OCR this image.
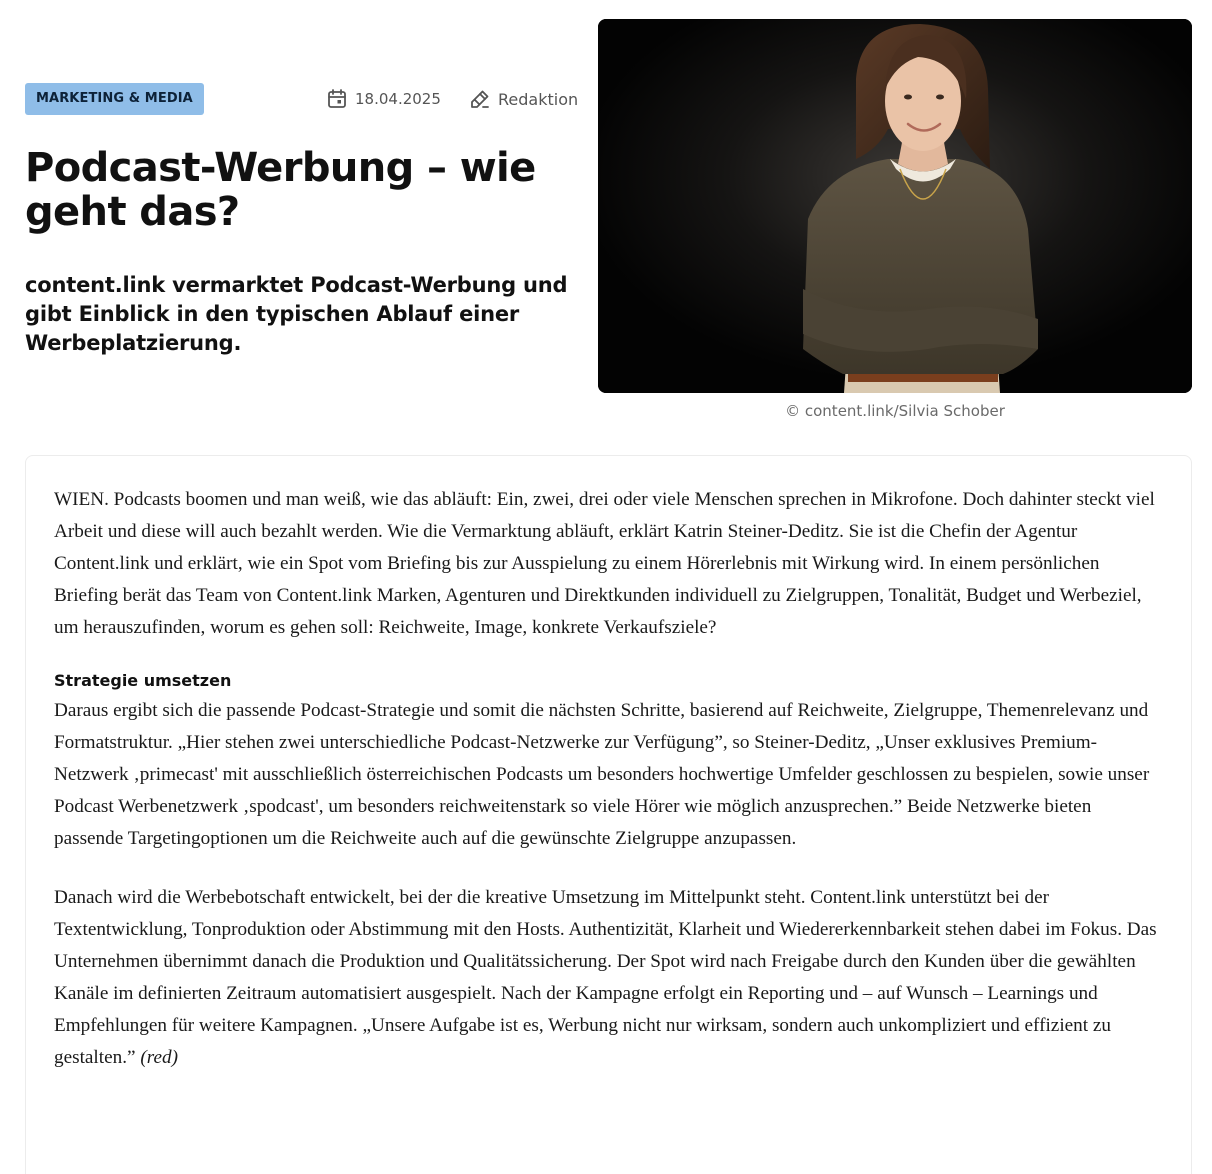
MARKETING & MEDIA	18.04.2025	Redaktion
Podcast-Werbung – wie geht das?

content.link vermarktet Podcast-Werbung und gibt Einblick in den typischen Ablauf einer Werbeplatzierung.

© content.link/Silvia Schober

WIEN. Podcasts boomen und man weiß, wie das abläuft: Ein, zwei, drei oder viele Menschen sprechen in Mikrofone. Doch dahinter steckt viel Arbeit und diese will auch bezahlt werden. Wie die Vermarktung abläuft, erklärt Katrin Steiner-Deditz. Sie ist die Chefin der Agentur Content.link und erklärt, wie ein Spot vom Briefing bis zur Ausspielung zu einem Hörerlebnis mit Wirkung wird. In einem persönlichen Briefing berät das Team von Content.link Marken, Agenturen und Direktkunden individuell zu Zielgruppen, Tonalität, Budget und Werbeziel, um herauszufinden, worum es gehen soll: Reichweite, Image, konkrete Verkaufsziele?

Strategie umsetzen

Daraus ergibt sich die passende Podcast-Strategie und somit die nächsten Schritte, basierend auf Reichweite, Zielgruppe, Themenrelevanz und Formatstruktur. „Hier stehen zwei unterschiedliche Podcast-Netzwerke zur Verfügung”, so Steiner-Deditz, „Unser exklusives Premium-Netzwerk ‚primecast' mit ausschließlich österreichischen Podcasts um besonders hochwertige Umfelder geschlossen zu bespielen, sowie unser Podcast Werbenetzwerk ‚spodcast', um besonders reichweitenstark so viele Hörer wie möglich anzusprechen.” Beide Netzwerke bieten passende Targetingoptionen um die Reichweite auch auf die gewünschte Zielgruppe anzupassen.

Danach wird die Werbebotschaft entwickelt, bei der die kreative Umsetzung im Mittelpunkt steht. Content.link unterstützt bei der Textentwicklung, Tonproduktion oder Abstimmung mit den Hosts. Authentizität, Klarheit und Wiedererkennbarkeit stehen dabei im Fokus. Das Unternehmen übernimmt danach die Produktion und Qualitätssicherung. Der Spot wird nach Freigabe durch den Kunden über die gewählten Kanäle im definierten Zeitraum automatisiert ausgespielt. Nach der Kampagne erfolgt ein Reporting und – auf Wunsch – Learnings und Empfehlungen für weitere Kampagnen. „Unsere Aufgabe ist es, Werbung nicht nur wirksam, sondern auch unkompliziert und effizient zu gestalten.” (red)
